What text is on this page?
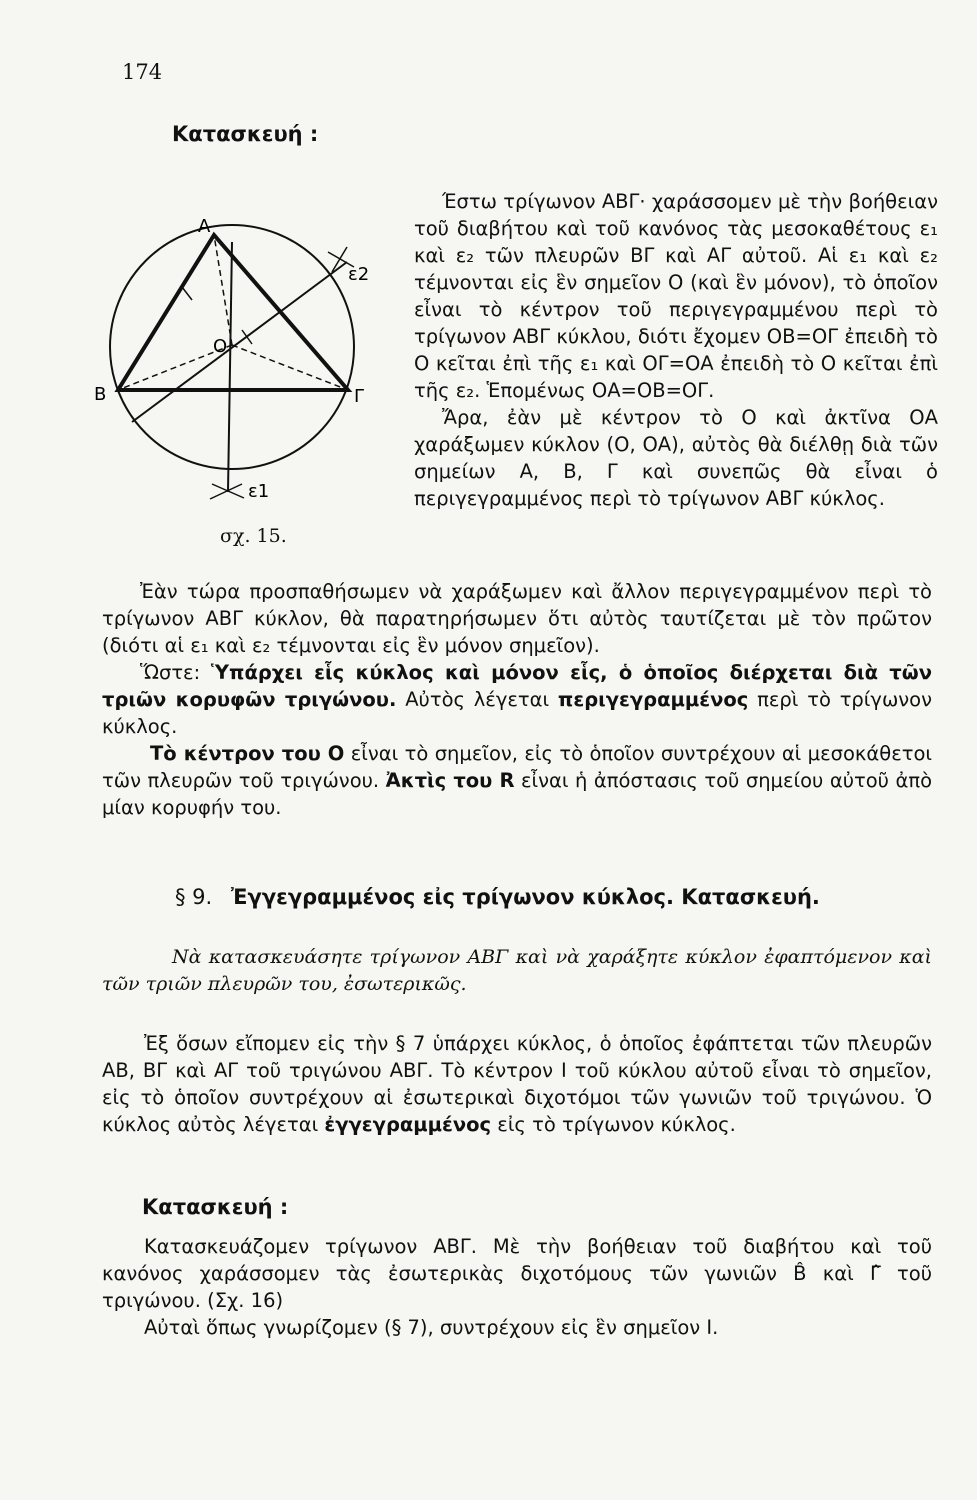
174
Κατασκευή :
A
B	Γ
O
ε1
ε2
σχ. 15.

Έστω τρίγωνον ΑΒΓ· χαράσσομεν μὲ τὴν βοήθειαν τοῦ διαβήτου καὶ τοῦ κανόνος τὰς μεσοκαθέτους ε₁ καὶ ε₂ τῶν πλευρῶν ΒΓ καὶ ΑΓ αὐτοῦ. Αἱ ε₁ καὶ ε₂ τέμνονται εἰς ἓν σημεῖον Ο (καὶ ἓν μόνον), τὸ ὁποῖον εἶναι τὸ κέντρον τοῦ περιγεγραμμένου περὶ τὸ τρίγωνον ΑΒΓ κύκλου, διότι ἔχομεν ΟΒ=ΟΓ ἐπειδὴ τὸ Ο κεῖται ἐπὶ τῆς ε₁ καὶ ΟΓ=ΟΑ ἐπειδὴ τὸ Ο κεῖται ἐπὶ τῆς ε₂. Ἑπομένως ΟΑ=ΟΒ=ΟΓ.

Ἄρα, ἐὰν μὲ κέντρον τὸ Ο καὶ ἀκτῖνα ΟΑ χαράξωμεν κύκλον (Ο, ΟΑ), αὐτὸς θὰ διέλθῃ διὰ τῶν σημείων Α, Β, Γ καὶ συνεπῶς θὰ εἶναι ὁ περιγεγραμμένος περὶ τὸ τρίγωνον ΑΒΓ κύκλος.

Ἐὰν τώρα προσπαθήσωμεν νὰ χαράξωμεν καὶ ἄλλον περιγεγραμμένον περὶ τὸ τρίγωνον ΑΒΓ κύκλον, θὰ παρατηρήσωμεν ὅτι αὐτὸς ταυτίζεται μὲ τὸν πρῶτον (διότι αἱ ε₁ καὶ ε₂ τέμνονται εἰς ἓν μόνον σημεῖον).

Ὥστε: Ὑπάρχει εἷς κύκλος καὶ μόνον εἷς, ὁ ὁποῖος διέρχεται διὰ τῶν τριῶν κορυφῶν τριγώνου. Αὐτὸς λέγεται περιγεγραμμένος περὶ τὸ τρίγωνον κύκλος.

Τὸ κέντρον του Ο εἶναι τὸ σημεῖον, εἰς τὸ ὁποῖον συντρέχουν αἱ μεσοκάθετοι τῶν πλευρῶν τοῦ τριγώνου. Ἀκτὶς του R εἶναι ἡ ἀπόστασις τοῦ σημείου αὐτοῦ ἀπὸ μίαν κορυφήν του.

§ 9. Ἐγγεγραμμένος εἰς τρίγωνον κύκλος. Κατασκευή.

Νὰ κατασκευάσητε τρίγωνον ΑΒΓ καὶ νὰ χαράξητε κύκλον ἐφαπτόμενον καὶ τῶν τριῶν πλευρῶν του, ἐσωτερικῶς.

Ἐξ ὅσων εἴπομεν εἰς τὴν § 7 ὑπάρχει κύκλος, ὁ ὁποῖος ἐφάπτεται τῶν πλευρῶν ΑΒ, ΒΓ καὶ ΑΓ τοῦ τριγώνου ΑΒΓ. Τὸ κέντρον Ι τοῦ κύκλου αὐτοῦ εἶναι τὸ σημεῖον, εἰς τὸ ὁποῖον συντρέχουν αἱ ἐσωτερικαὶ διχοτόμοι τῶν γωνιῶν τοῦ τριγώνου. Ὁ κύκλος αὐτὸς λέγεται ἐγγεγραμμένος εἰς τὸ τρίγωνον κύκλος.

Κατασκευή :

Κατασκευάζομεν τρίγωνον ΑΒΓ. Μὲ τὴν βοήθειαν τοῦ διαβήτου καὶ τοῦ κανόνος χαράσσομεν τὰς ἐσωτερικὰς διχοτόμους τῶν γωνιῶν B̂ καὶ Γ̂ τοῦ τριγώνου. (Σχ. 16)

Αὐταὶ ὅπως γνωρίζομεν (§ 7), συντρέχουν εἰς ἓν σημεῖον Ι.
